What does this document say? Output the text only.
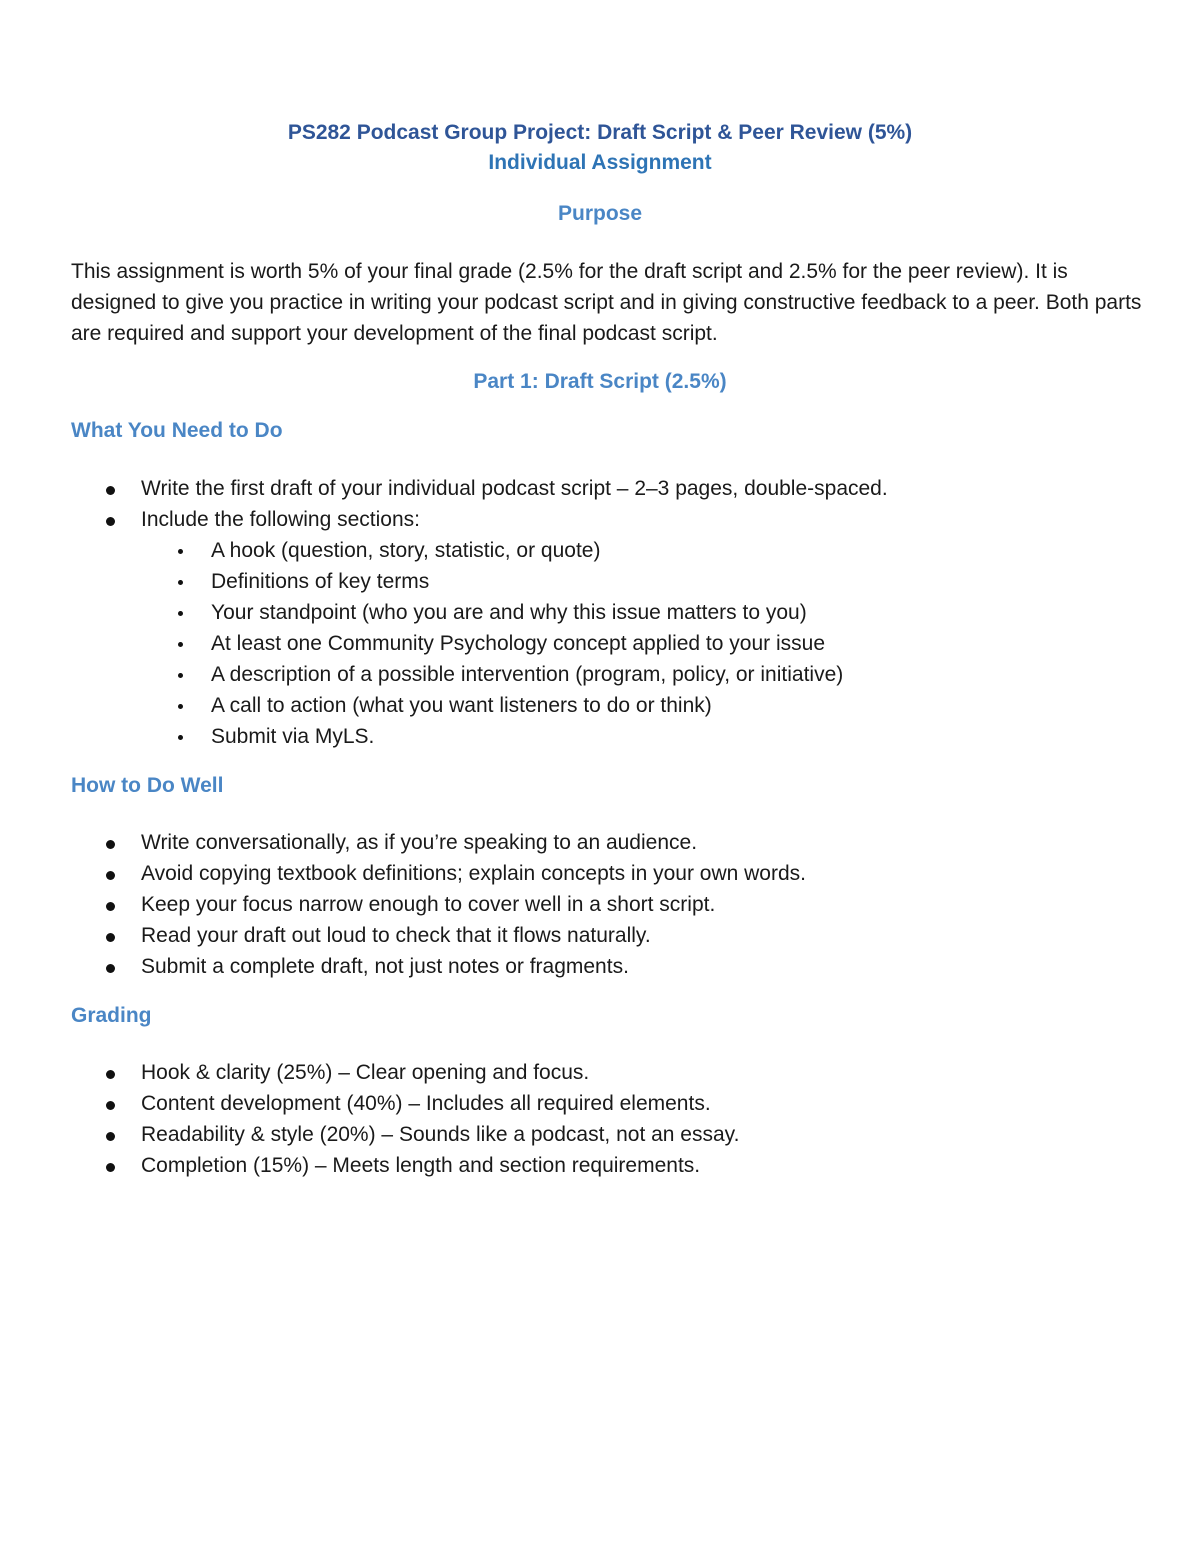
PS282 Podcast Group Project: Draft Script & Peer Review (5%)
Individual Assignment
Purpose

This assignment is worth 5% of your final grade (2.5% for the draft script and 2.5% for the peer review). It is designed to give you practice in writing your podcast script and in giving constructive feedback to a peer. Both parts are required and support your development of the final podcast script.

Part 1: Draft Script (2.5%)
What You Need to Do
Write the first draft of your individual podcast script – 2–3 pages, double-spaced.
Include the following sections:
A hook (question, story, statistic, or quote)
Definitions of key terms
Your standpoint (who you are and why this issue matters to you)
At least one Community Psychology concept applied to your issue
A description of a possible intervention (program, policy, or initiative)
A call to action (what you want listeners to do or think)
Submit via MyLS.
How to Do Well
Write conversationally, as if you’re speaking to an audience.
Avoid copying textbook definitions; explain concepts in your own words.
Keep your focus narrow enough to cover well in a short script.
Read your draft out loud to check that it flows naturally.
Submit a complete draft, not just notes or fragments.
Grading
Hook & clarity (25%) – Clear opening and focus.
Content development (40%) – Includes all required elements.
Readability & style (20%) – Sounds like a podcast, not an essay.
Completion (15%) – Meets length and section requirements.
